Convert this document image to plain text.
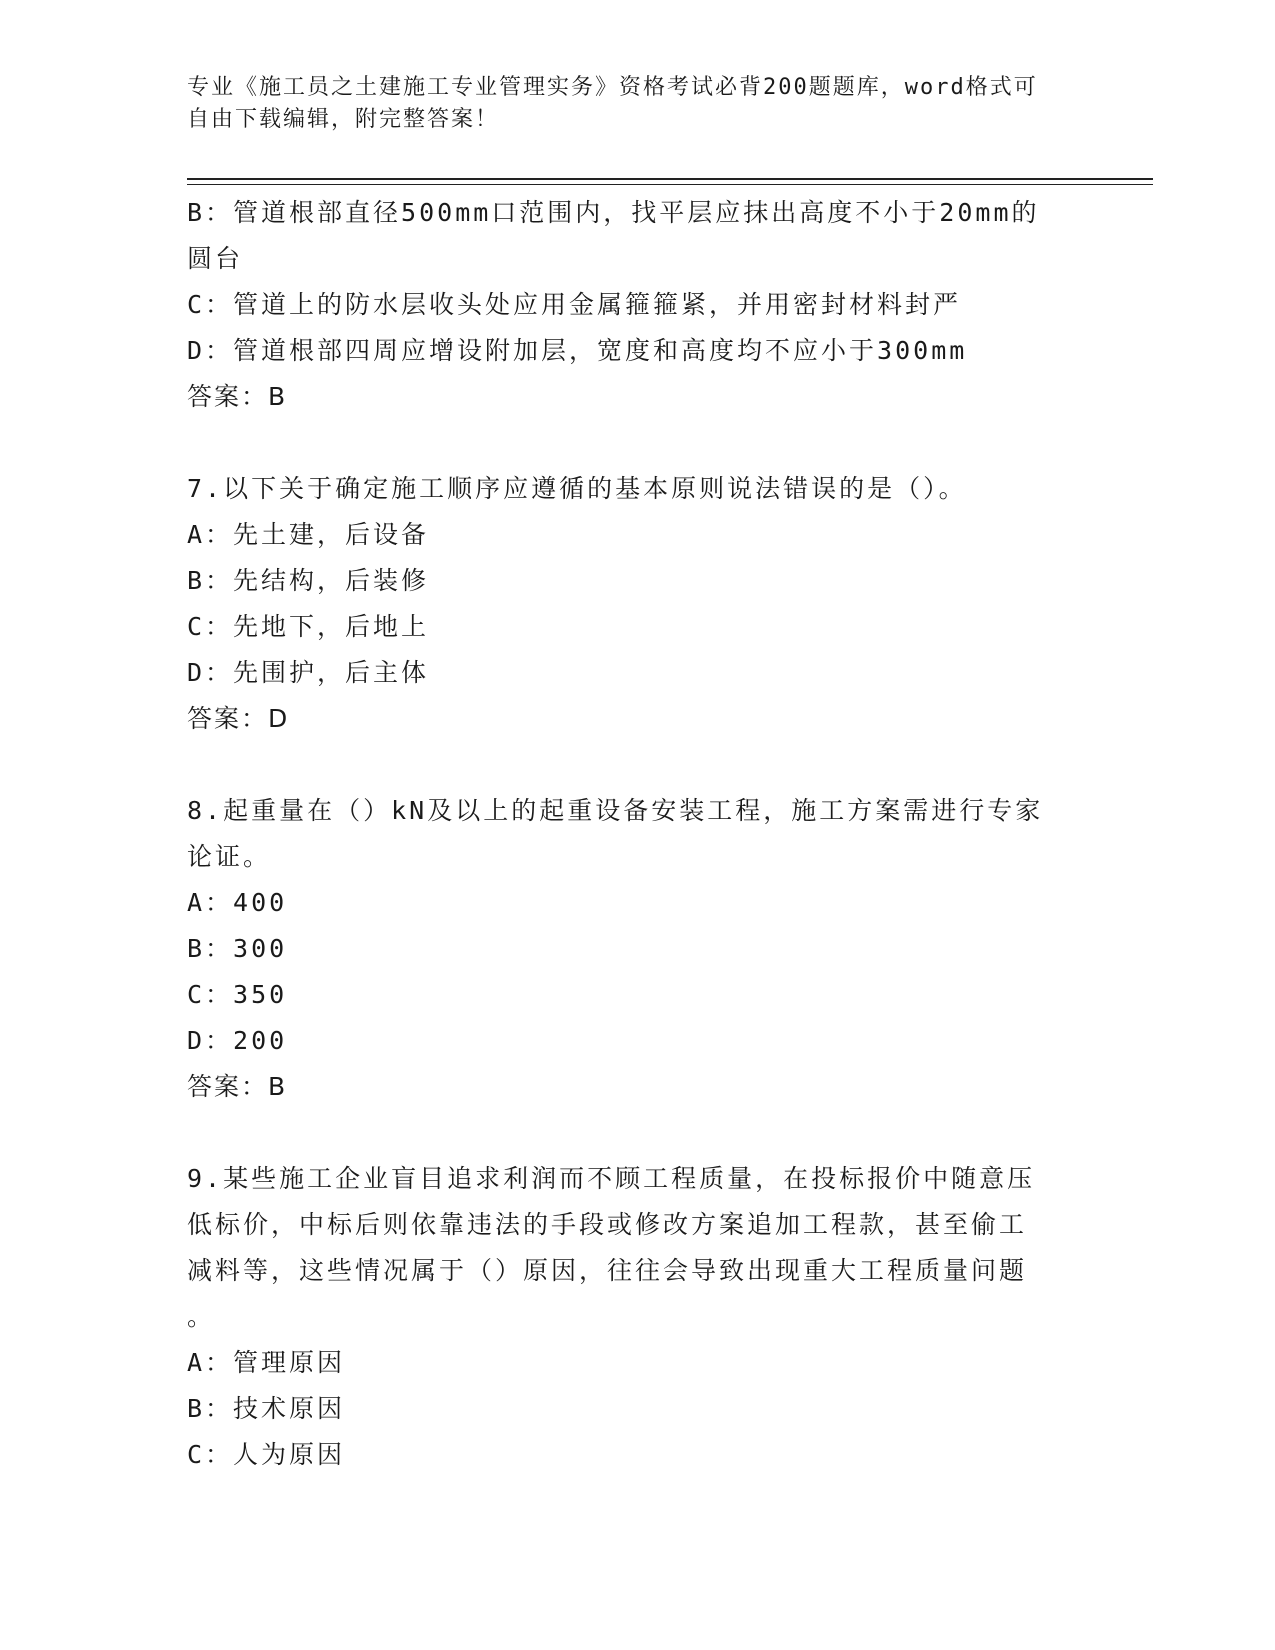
专业《施工员之土建施工专业管理实务》资格考试必背200题题库，word格式可
自由下载编辑，附完整答案！
B：管道根部直径500mm口范围内，找平层应抹出高度不小于20mm的
圆台
C：管道上的防水层收头处应用金属箍箍紧，并用密封材料封严
D：管道根部四周应增设附加层，宽度和高度均不应小于300mm
答案：B
7.以下关于确定施工顺序应遵循的基本原则说法错误的是（）。
A：先土建，后设备
B：先结构，后装修
C：先地下，后地上
D：先围护，后主体
答案：D
8.起重量在（）kN及以上的起重设备安装工程，施工方案需进行专家
论证。
A：400
B：300
C：350
D：200
答案：B
9.某些施工企业盲目追求利润而不顾工程质量，在投标报价中随意压
低标价，中标后则依靠违法的手段或修改方案追加工程款，甚至偷工
减料等，这些情况属于（）原因，往往会导致出现重大工程质量问题
。
A：管理原因
B：技术原因
C：人为原因
